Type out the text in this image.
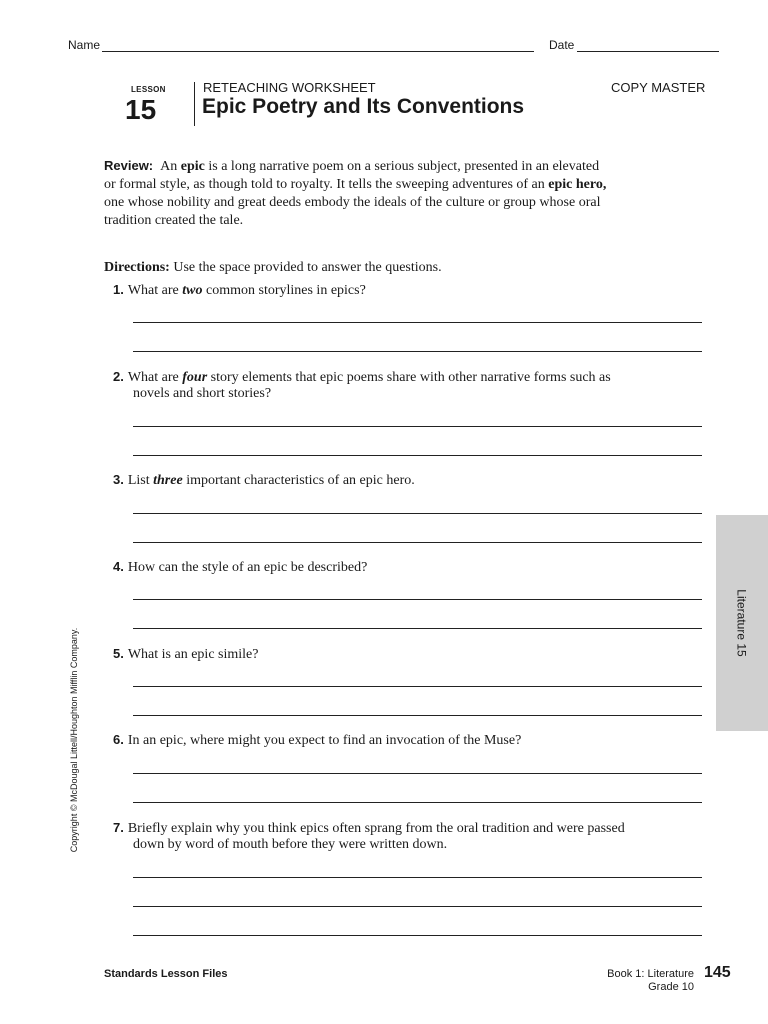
Name	Date
LESSON
15
RETEACHING WORKSHEET	COPY MASTER
Epic Poetry and Its Conventions
Review: An epic is a long narrative poem on a serious subject, presented in an elevated
or formal style, as though told to royalty. It tells the sweeping adventures of an epic hero,
one whose nobility and great deeds embody the ideals of the culture or group whose oral
tradition created the tale.
Directions: Use the space provided to answer the questions.
1. What are two common storylines in epics?
2. What are four story elements that epic poems share with other narrative forms such as
novels and short stories?
3. List three important characteristics of an epic hero.
4. How can the style of an epic be described?
5. What is an epic simile?
6. In an epic, where might you expect to find an invocation of the Muse?
7. Briefly explain why you think epics often sprang from the oral tradition and were passed
down by word of mouth before they were written down.
Literature 15
Copyright © McDougal Littell/Houghton Mifflin Company.
Standards Lesson Files	Book 1: Literature
Grade 10
145
